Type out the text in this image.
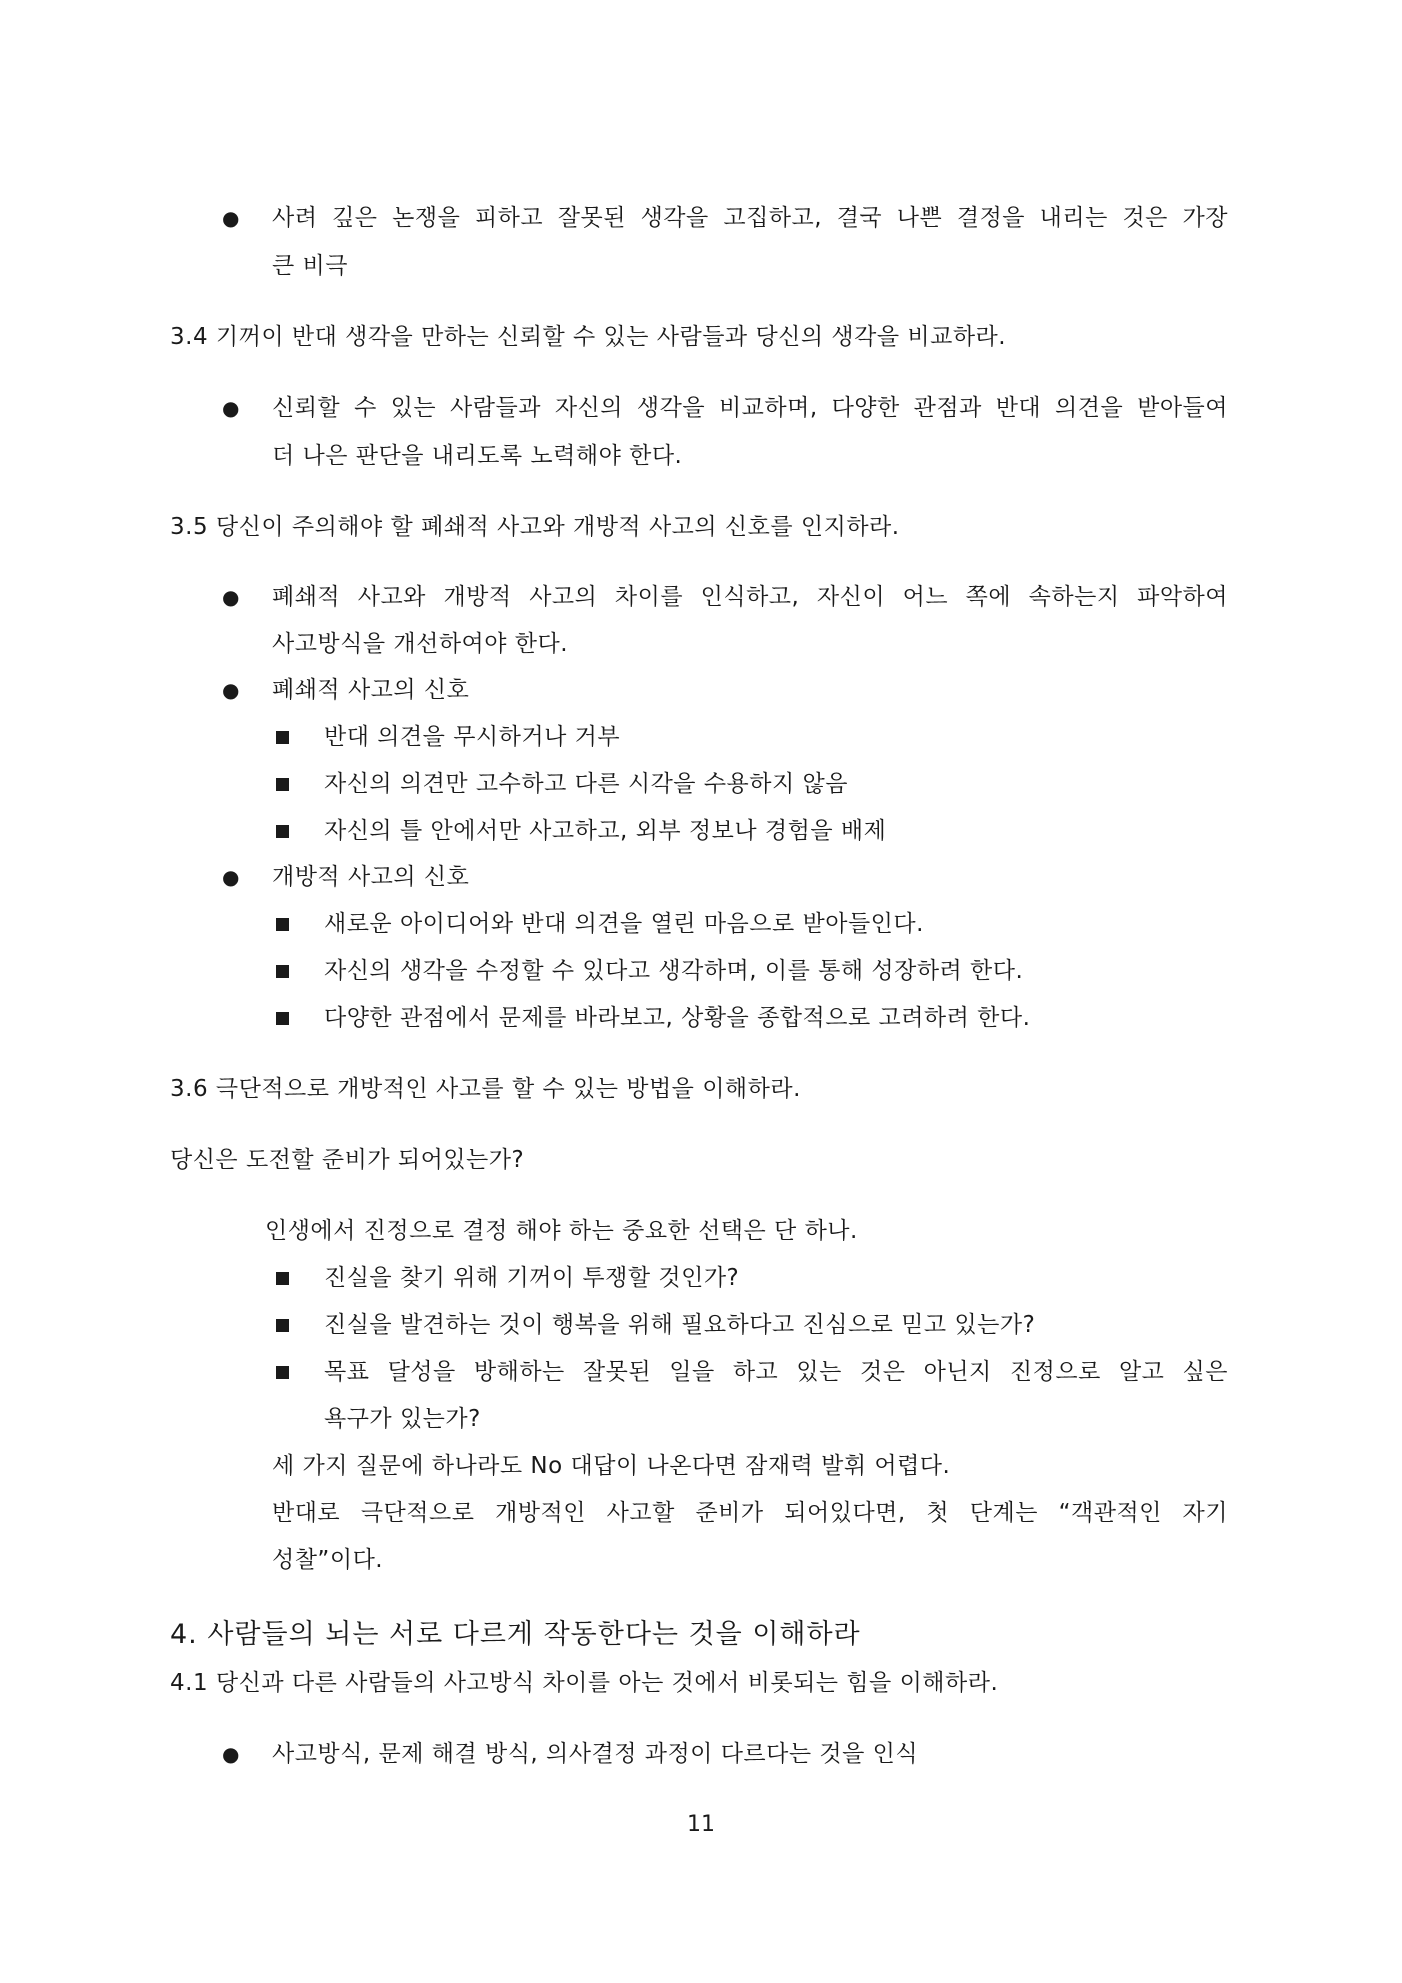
● 사려 깊은 논쟁을 피하고 잘못된 생각을 고집하고, 결국 나쁜 결정을 내리는 것은 가장
큰 비극
3.4 기꺼이 반대 생각을 만하는 신뢰할 수 있는 사람들과 당신의 생각을 비교하라.
● 신뢰할 수 있는 사람들과 자신의 생각을 비교하며, 다양한 관점과 반대 의견을 받아들여
더 나은 판단을 내리도록 노력해야 한다.
3.5 당신이 주의해야 할 폐쇄적 사고와 개방적 사고의 신호를 인지하라.
● 폐쇄적 사고와 개방적 사고의 차이를 인식하고, 자신이 어느 쪽에 속하는지 파악하여
사고방식을 개선하여야 한다.
● 폐쇄적 사고의 신호
반대 의견을 무시하거나 거부
자신의 의견만 고수하고 다른 시각을 수용하지 않음
자신의 틀 안에서만 사고하고, 외부 정보나 경험을 배제
● 개방적 사고의 신호
새로운 아이디어와 반대 의견을 열린 마음으로 받아들인다.
자신의 생각을 수정할 수 있다고 생각하며, 이를 통해 성장하려 한다.
다양한 관점에서 문제를 바라보고, 상황을 종합적으로 고려하려 한다.
3.6 극단적으로 개방적인 사고를 할 수 있는 방법을 이해하라.
당신은 도전할 준비가 되어있는가?
인생에서 진정으로 결정 해야 하는 중요한 선택은 단 하나.
진실을 찾기 위해 기꺼이 투쟁할 것인가?
진실을 발견하는 것이 행복을 위해 필요하다고 진심으로 믿고 있는가?
목표 달성을 방해하는 잘못된 일을 하고 있는 것은 아닌지 진정으로 알고 싶은
욕구가 있는가?
세 가지 질문에 하나라도 No 대답이 나온다면 잠재력 발휘 어렵다.
반대로 극단적으로 개방적인 사고할 준비가 되어있다면, 첫 단계는 “객관적인 자기
성찰”이다.
4. 사람들의 뇌는 서로 다르게 작동한다는 것을 이해하라
4.1 당신과 다른 사람들의 사고방식 차이를 아는 것에서 비롯되는 힘을 이해하라.
● 사고방식, 문제 해결 방식, 의사결정 과정이 다르다는 것을 인식
11
